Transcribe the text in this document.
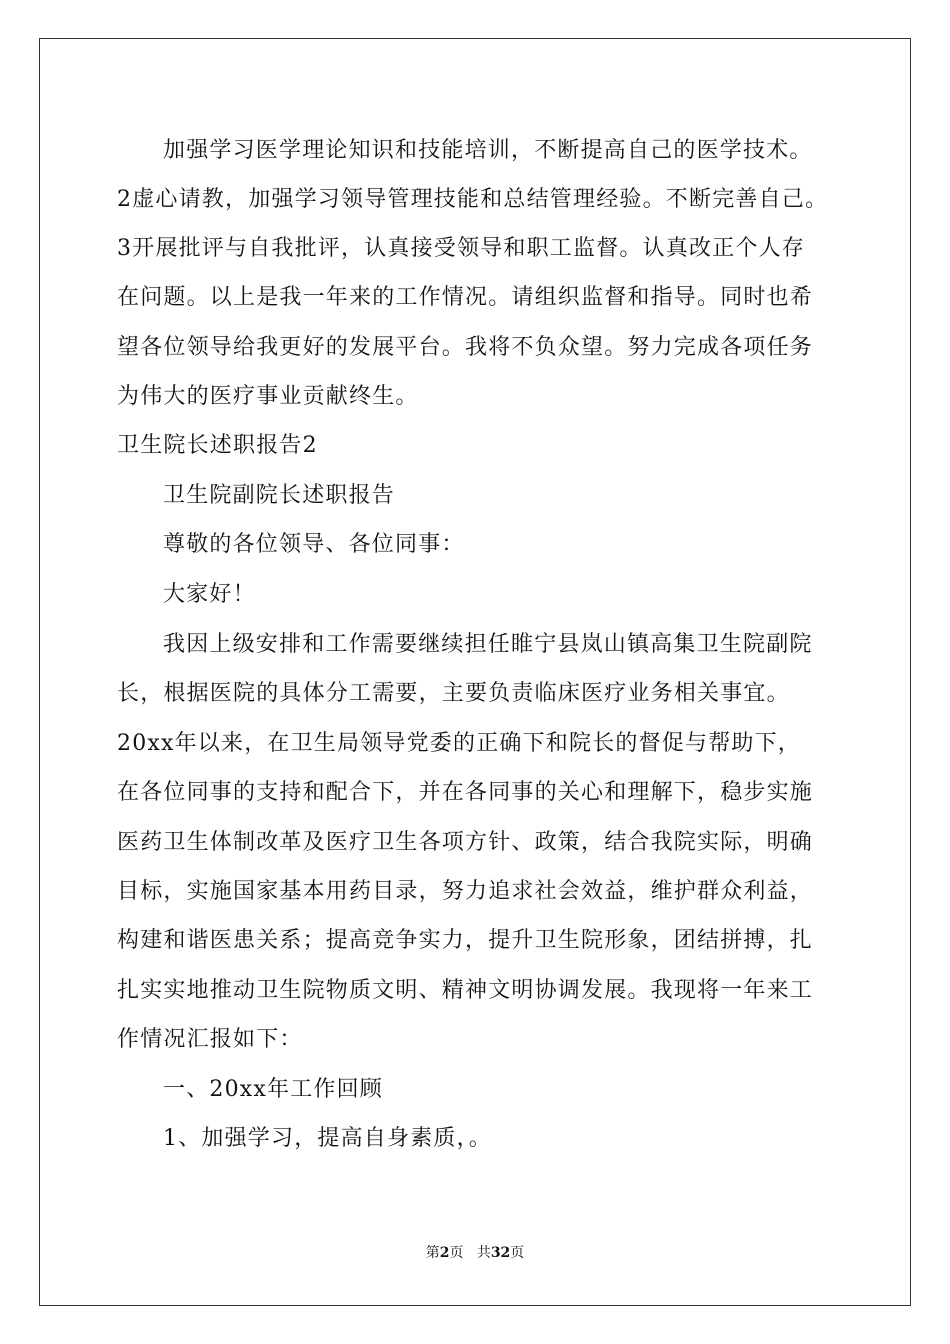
加强学习医学理论知识和技能培训，不断提高自己的医学技术。
2虚心请教，加强学习领导管理技能和总结管理经验。不断完善自己。
3开展批评与自我批评，认真接受领导和职工监督。认真改正个人存
在问题。以上是我一年来的工作情况。请组织监督和指导。同时也希
望各位领导给我更好的发展平台。我将不负众望。努力完成各项任务
为伟大的医疗事业贡献终生。
卫生院长述职报告2
卫生院副院长述职报告
尊敬的各位领导、各位同事：
大家好！
我因上级安排和工作需要继续担任睢宁县岚山镇高集卫生院副院
长，根据医院的具体分工需要，主要负责临床医疗业务相关事宜。
20xx年以来，在卫生局领导党委的正确下和院长的督促与帮助下，
在各位同事的支持和配合下，并在各同事的关心和理解下，稳步实施
医药卫生体制改革及医疗卫生各项方针、政策，结合我院实际，明确
目标，实施国家基本用药目录，努力追求社会效益，维护群众利益，
构建和谐医患关系；提高竞争实力，提升卫生院形象，团结拼搏，扎
扎实实地推动卫生院物质文明、精神文明协调发展。我现将一年来工
作情况汇报如下：
一、20xx年工作回顾
1、加强学习，提高自身素质，。
第2页 共32页
